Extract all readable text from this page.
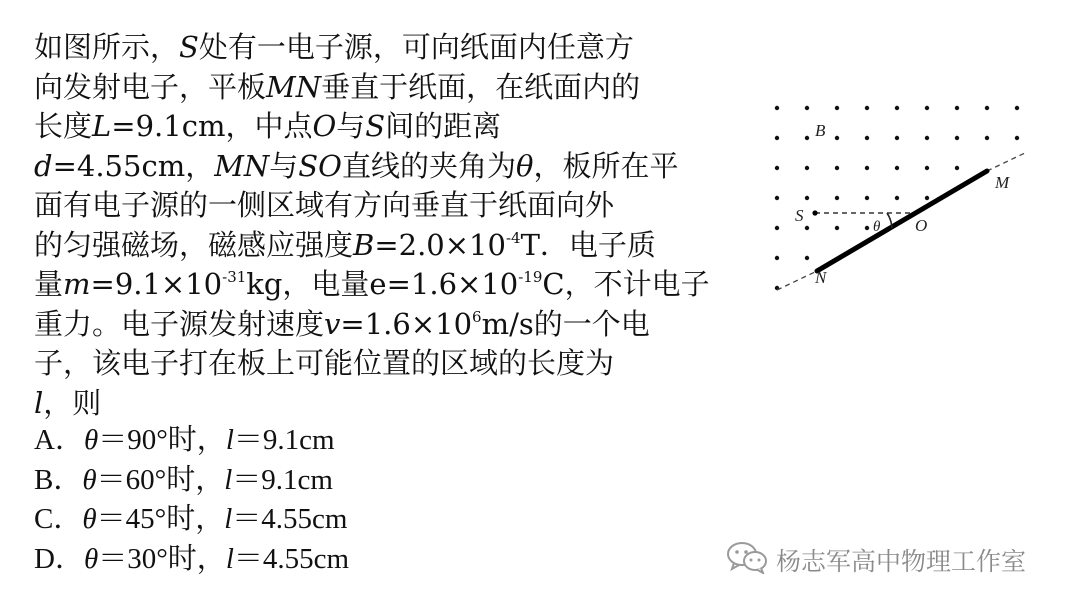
如图所示，S处有一电子源，可向纸面内任意方
向发射电子，平板MN垂直于纸面，在纸面内的
长度L=9.1cm，中点O与S间的距离
d=4.55cm，MN与SO直线的夹角为θ，板所在平
面有电子源的一侧区域有方向垂直于纸面向外
的匀强磁场，磁感应强度$B=2.0\times 10^{-4}T$．电子质
量$m=9.1\times 10^{-31}kg$，电量$e=1.6\times 10^{-19}C$，不计电子
重力。电子源发射速度$v=1.6\times 10^6m/s$的一个电
子，该电子打在板上可能位置的区域的长度为
l，则
A．θ＝90°时，l＝9.1cm
B．θ＝60°时，l＝9.1cm
C．θ＝45°时，l＝4.55cm
D．θ＝30°时，l＝4.55cm
B
S
θ O
M
N
杨志军高中物理工作室
